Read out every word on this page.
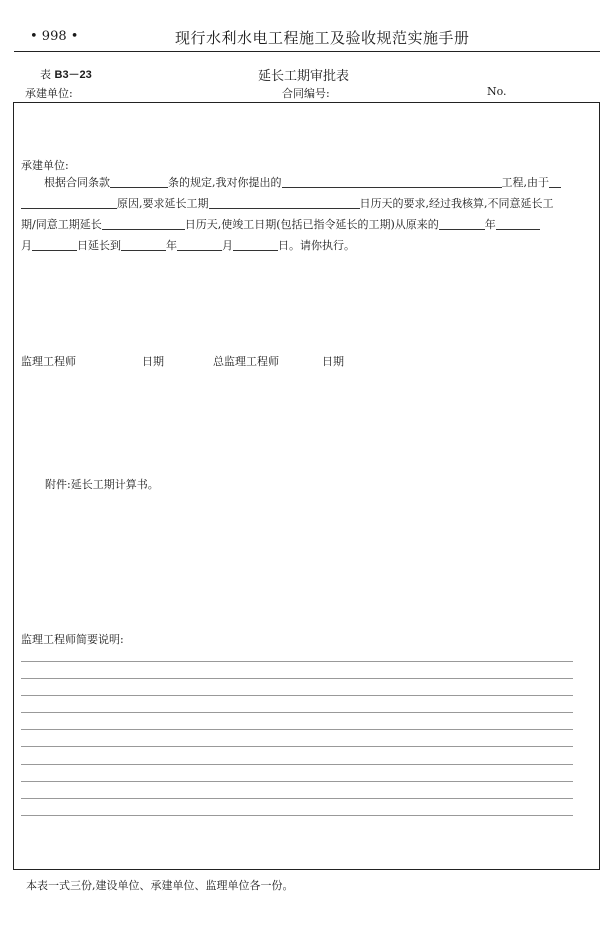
• 998 •	现行水利水电工程施工及验收规范实施手册
表 B3－23	延长工期审批表
承建单位:	合同编号:	No.
承建单位:
根据合同条款	条的规定,我对你提出的	工程,由于
原因,要求延长工期	日历天的要求,经过我核算,不同意延长工
期/同意工期延长	日历天,使竣工日期(包括已指令延长的工期)从原来的	年
月	日延长到	年	月	日。请你执行。
监理工程师	日期	总监理工程师	日期
附件:延长工期计算书。
监理工程师简要说明:
本表一式三份,建设单位、承建单位、监理单位各一份。
